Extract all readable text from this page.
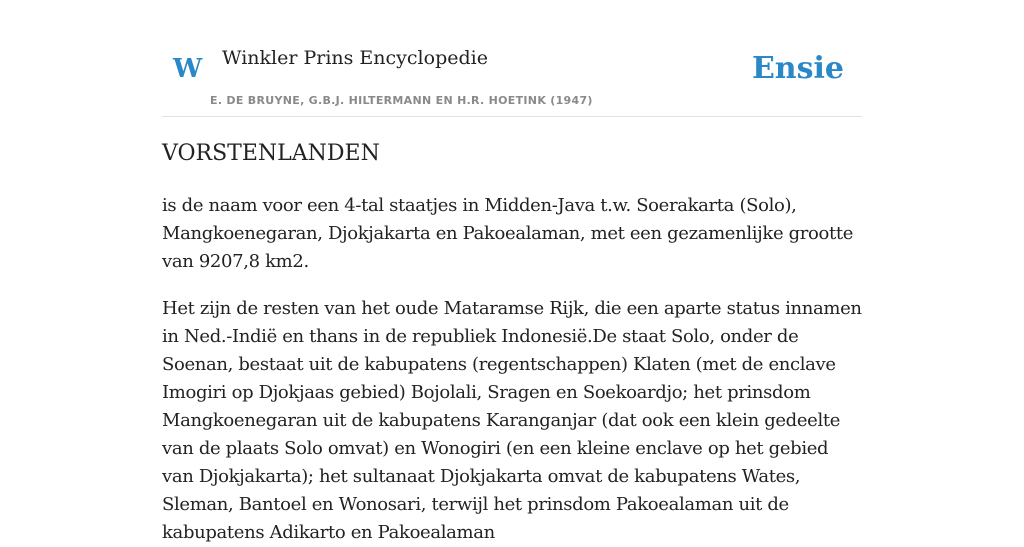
W Winkler Prins Encyclopedie
E. DE BRUYNE, G.B.J. HILTERMANN EN H.R. HOETINK (1947)
Ensie
VORSTENLANDEN

is de naam voor een 4-tal staatjes in Midden-Java t.w. Soerakarta (Solo), Mangkoenegaran, Djokjakarta en Pakoealaman, met een gezamenlijke grootte van 9207,8 km2.

Het zijn de resten van het oude Mataramse Rijk, die een aparte status innamen in Ned.-Indië en thans in de republiek Indonesië.De staat Solo, onder de Soenan, bestaat uit de kabupatens (regentschappen) Klaten (met de enclave Imogiri op Djokjaas gebied) Bojolali, Sragen en Soekoardjo; het prinsdom Mangkoenegaran uit de kabupatens Karanganjar (dat ook een klein gedeelte van de plaats Solo omvat) en Wonogiri (en een kleine enclave op het gebied van Djokjakarta); het sultanaat Djokjakarta omvat de kabupatens Wates, Sleman, Bantoel en Wonosari, terwijl het prinsdom Pakoealaman uit de kabupatens Adikarto en Pakoealaman
